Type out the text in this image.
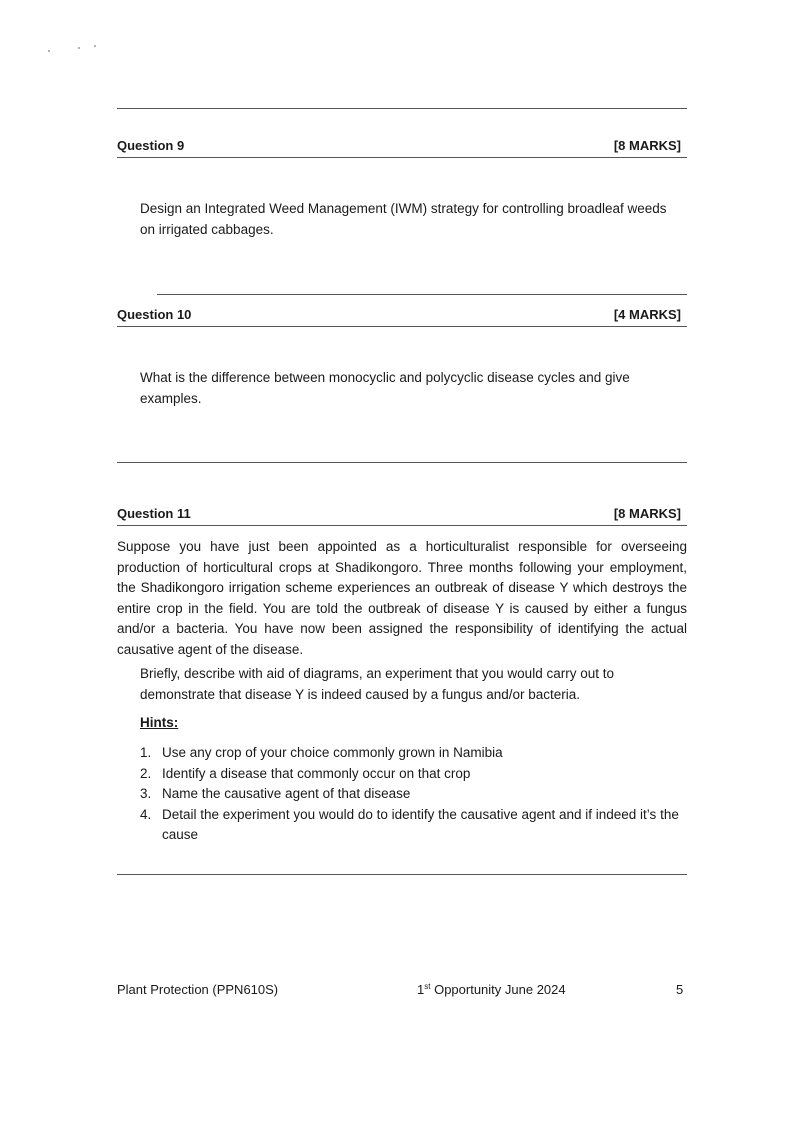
Question 9	[8 MARKS]
Design an Integrated Weed Management (IWM) strategy for controlling broadleaf weeds on irrigated cabbages.
Question 10	[4 MARKS]
What is the difference between monocyclic and polycyclic disease cycles and give examples.
Question 11	[8 MARKS]
Suppose you have just been appointed as a horticulturalist responsible for overseeing production of horticultural crops at Shadikongoro. Three months following your employment, the Shadikongoro irrigation scheme experiences an outbreak of disease Y which destroys the entire crop in the field. You are told the outbreak of disease Y is caused by either a fungus and/or a bacteria. You have now been assigned the responsibility of identifying the actual causative agent of the disease.
Briefly, describe with aid of diagrams, an experiment that you would carry out to demonstrate that disease Y is indeed caused by a fungus and/or bacteria.
Hints:
1. Use any crop of your choice commonly grown in Namibia
2. Identify a disease that commonly occur on that crop
3. Name the causative agent of that disease
4. Detail the experiment you would do to identify the causative agent and if indeed it’s the cause
Plant Protection (PPN610S)	1st Opportunity June 2024	5
